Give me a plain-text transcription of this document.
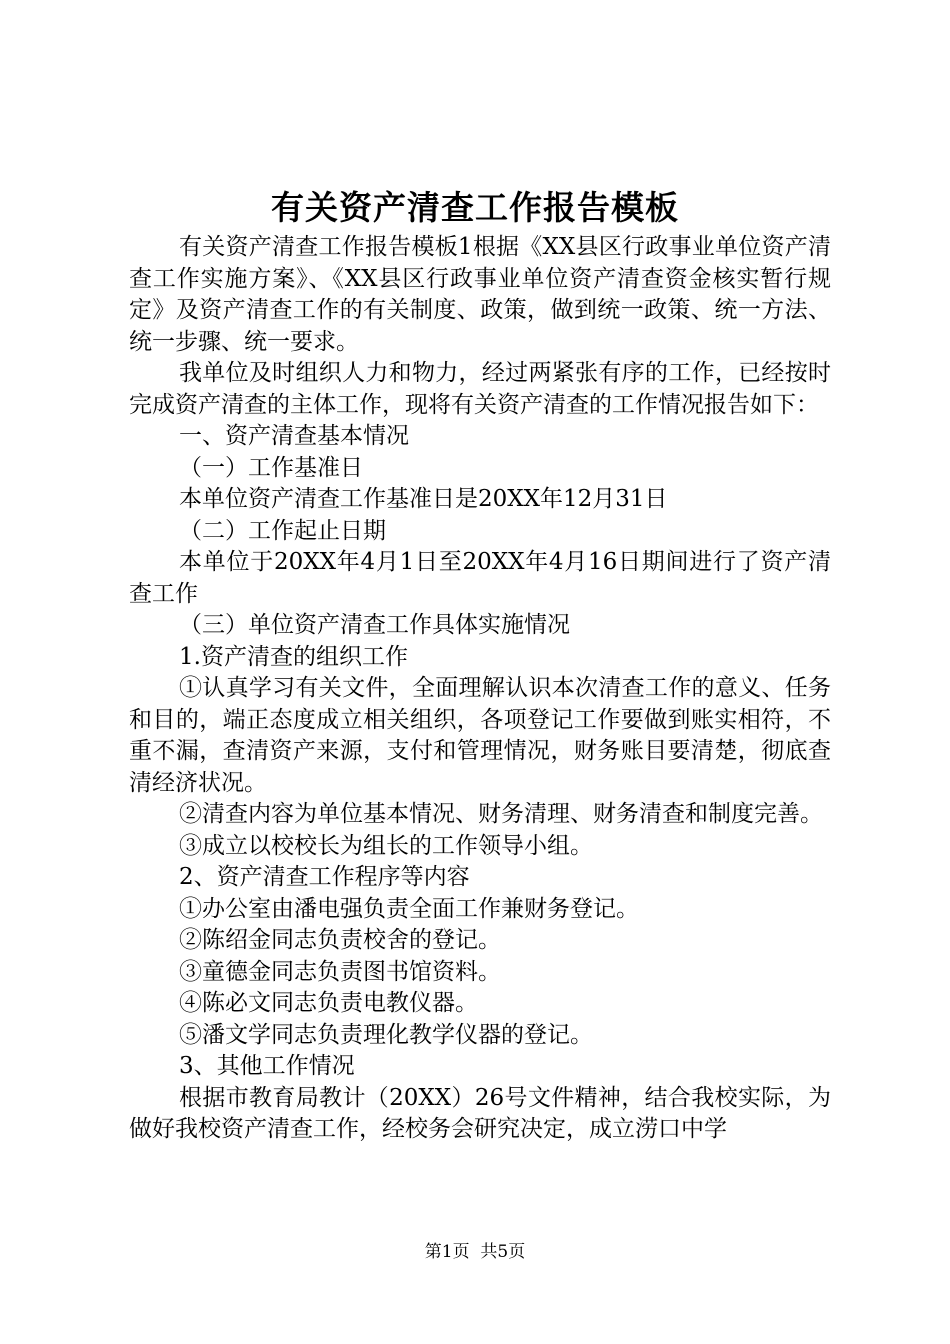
有关资产清查工作报告模板

有关资产清查工作报告模板1根据《XX县区行政事业单位资产清查工作实施方案》、《XX县区行政事业单位资产清查资金核实暂行规定》及资产清查工作的有关制度、政策，做到统一政策、统一方法、统一步骤、统一要求。

我单位及时组织人力和物力，经过两紧张有序的工作，已经按时完成资产清查的主体工作，现将有关资产清查的工作情况报告如下：

一、资产清查基本情况

（一）工作基准日

本单位资产清查工作基准日是20XX年12月31日

（二）工作起止日期

本单位于20XX年4月1日至20XX年4月16日期间进行了资产清查工作

（三）单位资产清查工作具体实施情况

1.资产清查的组织工作

①认真学习有关文件，全面理解认识本次清查工作的意义、任务和目的，端正态度成立相关组织，各项登记工作要做到账实相符，不重不漏，查清资产来源，支付和管理情况，财务账目要清楚，彻底查清经济状况。

②清查内容为单位基本情况、财务清理、财务清查和制度完善。

③成立以校校长为组长的工作领导小组。

2、资产清查工作程序等内容

①办公室由潘电强负责全面工作兼财务登记。

②陈绍金同志负责校舍的登记。

③童德金同志负责图书馆资料。

④陈必文同志负责电教仪器。

⑤潘文学同志负责理化教学仪器的登记。

3、其他工作情况

根据市教育局教计（20XX）26号文件精神，结合我校实际，为做好我校资产清查工作，经校务会研究决定，成立涝口中学

第1页 共5页
